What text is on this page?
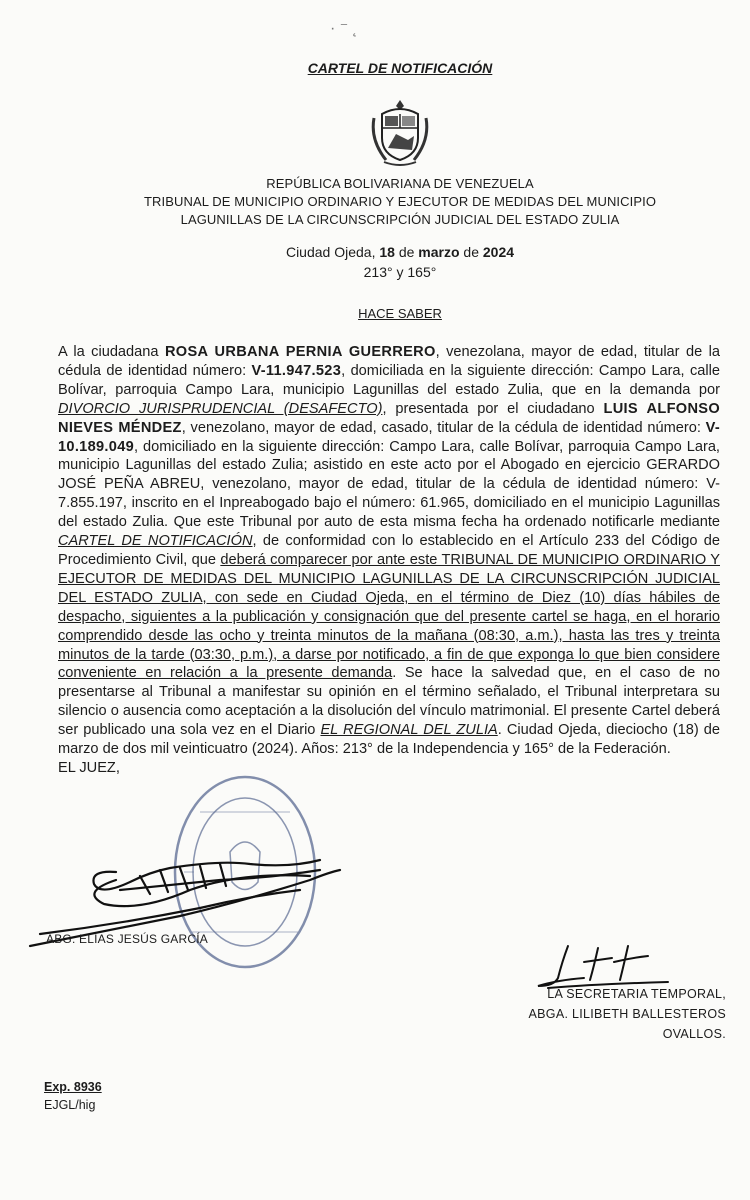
· ⁻ ˛
CARTEL DE NOTIFICACIÓN
REPÚBLICA BOLIVARIANA DE VENEZUELA
TRIBUNAL DE MUNICIPIO ORDINARIO Y EJECUTOR DE MEDIDAS DEL MUNICIPIO
LAGUNILLAS DE LA CIRCUNSCRIPCIÓN JUDICIAL DEL ESTADO ZULIA
Ciudad Ojeda, 18 de marzo de 2024
213° y 165°
HACE SABER
A la ciudadana ROSA URBANA PERNIA GUERRERO, venezolana, mayor de edad, titular de la cédula de identidad número: V-11.947.523, domiciliada en la siguiente dirección: Campo Lara, calle Bolívar, parroquia Campo Lara, municipio Lagunillas del estado Zulia, que en la demanda por DIVORCIO JURISPRUDENCIAL (DESAFECTO), presentada por el ciudadano LUIS ALFONSO NIEVES MÉNDEZ, venezolano, mayor de edad, casado, titular de la cédula de identidad número: V-10.189.049, domiciliado en la siguiente dirección: Campo Lara, calle Bolívar, parroquia Campo Lara, municipio Lagunillas del estado Zulia; asistido en este acto por el Abogado en ejercicio GERARDO JOSÉ PEÑA ABREU, venezolano, mayor de edad, titular de la cédula de identidad número: V-7.855.197, inscrito en el Inpreabogado bajo el número: 61.965, domiciliado en el municipio Lagunillas del estado Zulia. Que este Tribunal por auto de esta misma fecha ha ordenado notificarle mediante CARTEL DE NOTIFICACIÓN, de conformidad con lo establecido en el Artículo 233 del Código de Procedimiento Civil, que deberá comparecer por ante este TRIBUNAL DE MUNICIPIO ORDINARIO Y EJECUTOR DE MEDIDAS DEL MUNICIPIO LAGUNILLAS DE LA CIRCUNSCRIPCIÓN JUDICIAL DEL ESTADO ZULIA, con sede en Ciudad Ojeda, en el término de Diez (10) días hábiles de despacho, siguientes a la publicación y consignación que del presente cartel se haga, en el horario comprendido desde las ocho y treinta minutos de la mañana (08:30, a.m.), hasta las tres y treinta minutos de la tarde (03:30, p.m.), a darse por notificado, a fin de que exponga lo que bien considere conveniente en relación a la presente demanda. Se hace la salvedad que, en el caso de no presentarse al Tribunal a manifestar su opinión en el término señalado, el Tribunal interpretara su silencio o ausencia como aceptación a la disolución del vínculo matrimonial. El presente Cartel deberá ser publicado una sola vez en el Diario EL REGIONAL DEL ZULIA. Ciudad Ojeda, dieciocho (18) de marzo de dos mil veinticuatro (2024). Años: 213° de la Independencia y 165° de la Federación.
EL JUEZ,
ABG. ELÍAS JESÚS GARCÍA
LA SECRETARIA TEMPORAL,
ABGA. LILIBETH BALLESTEROS OVALLOS.
Exp. 8936
EJGL/hig
